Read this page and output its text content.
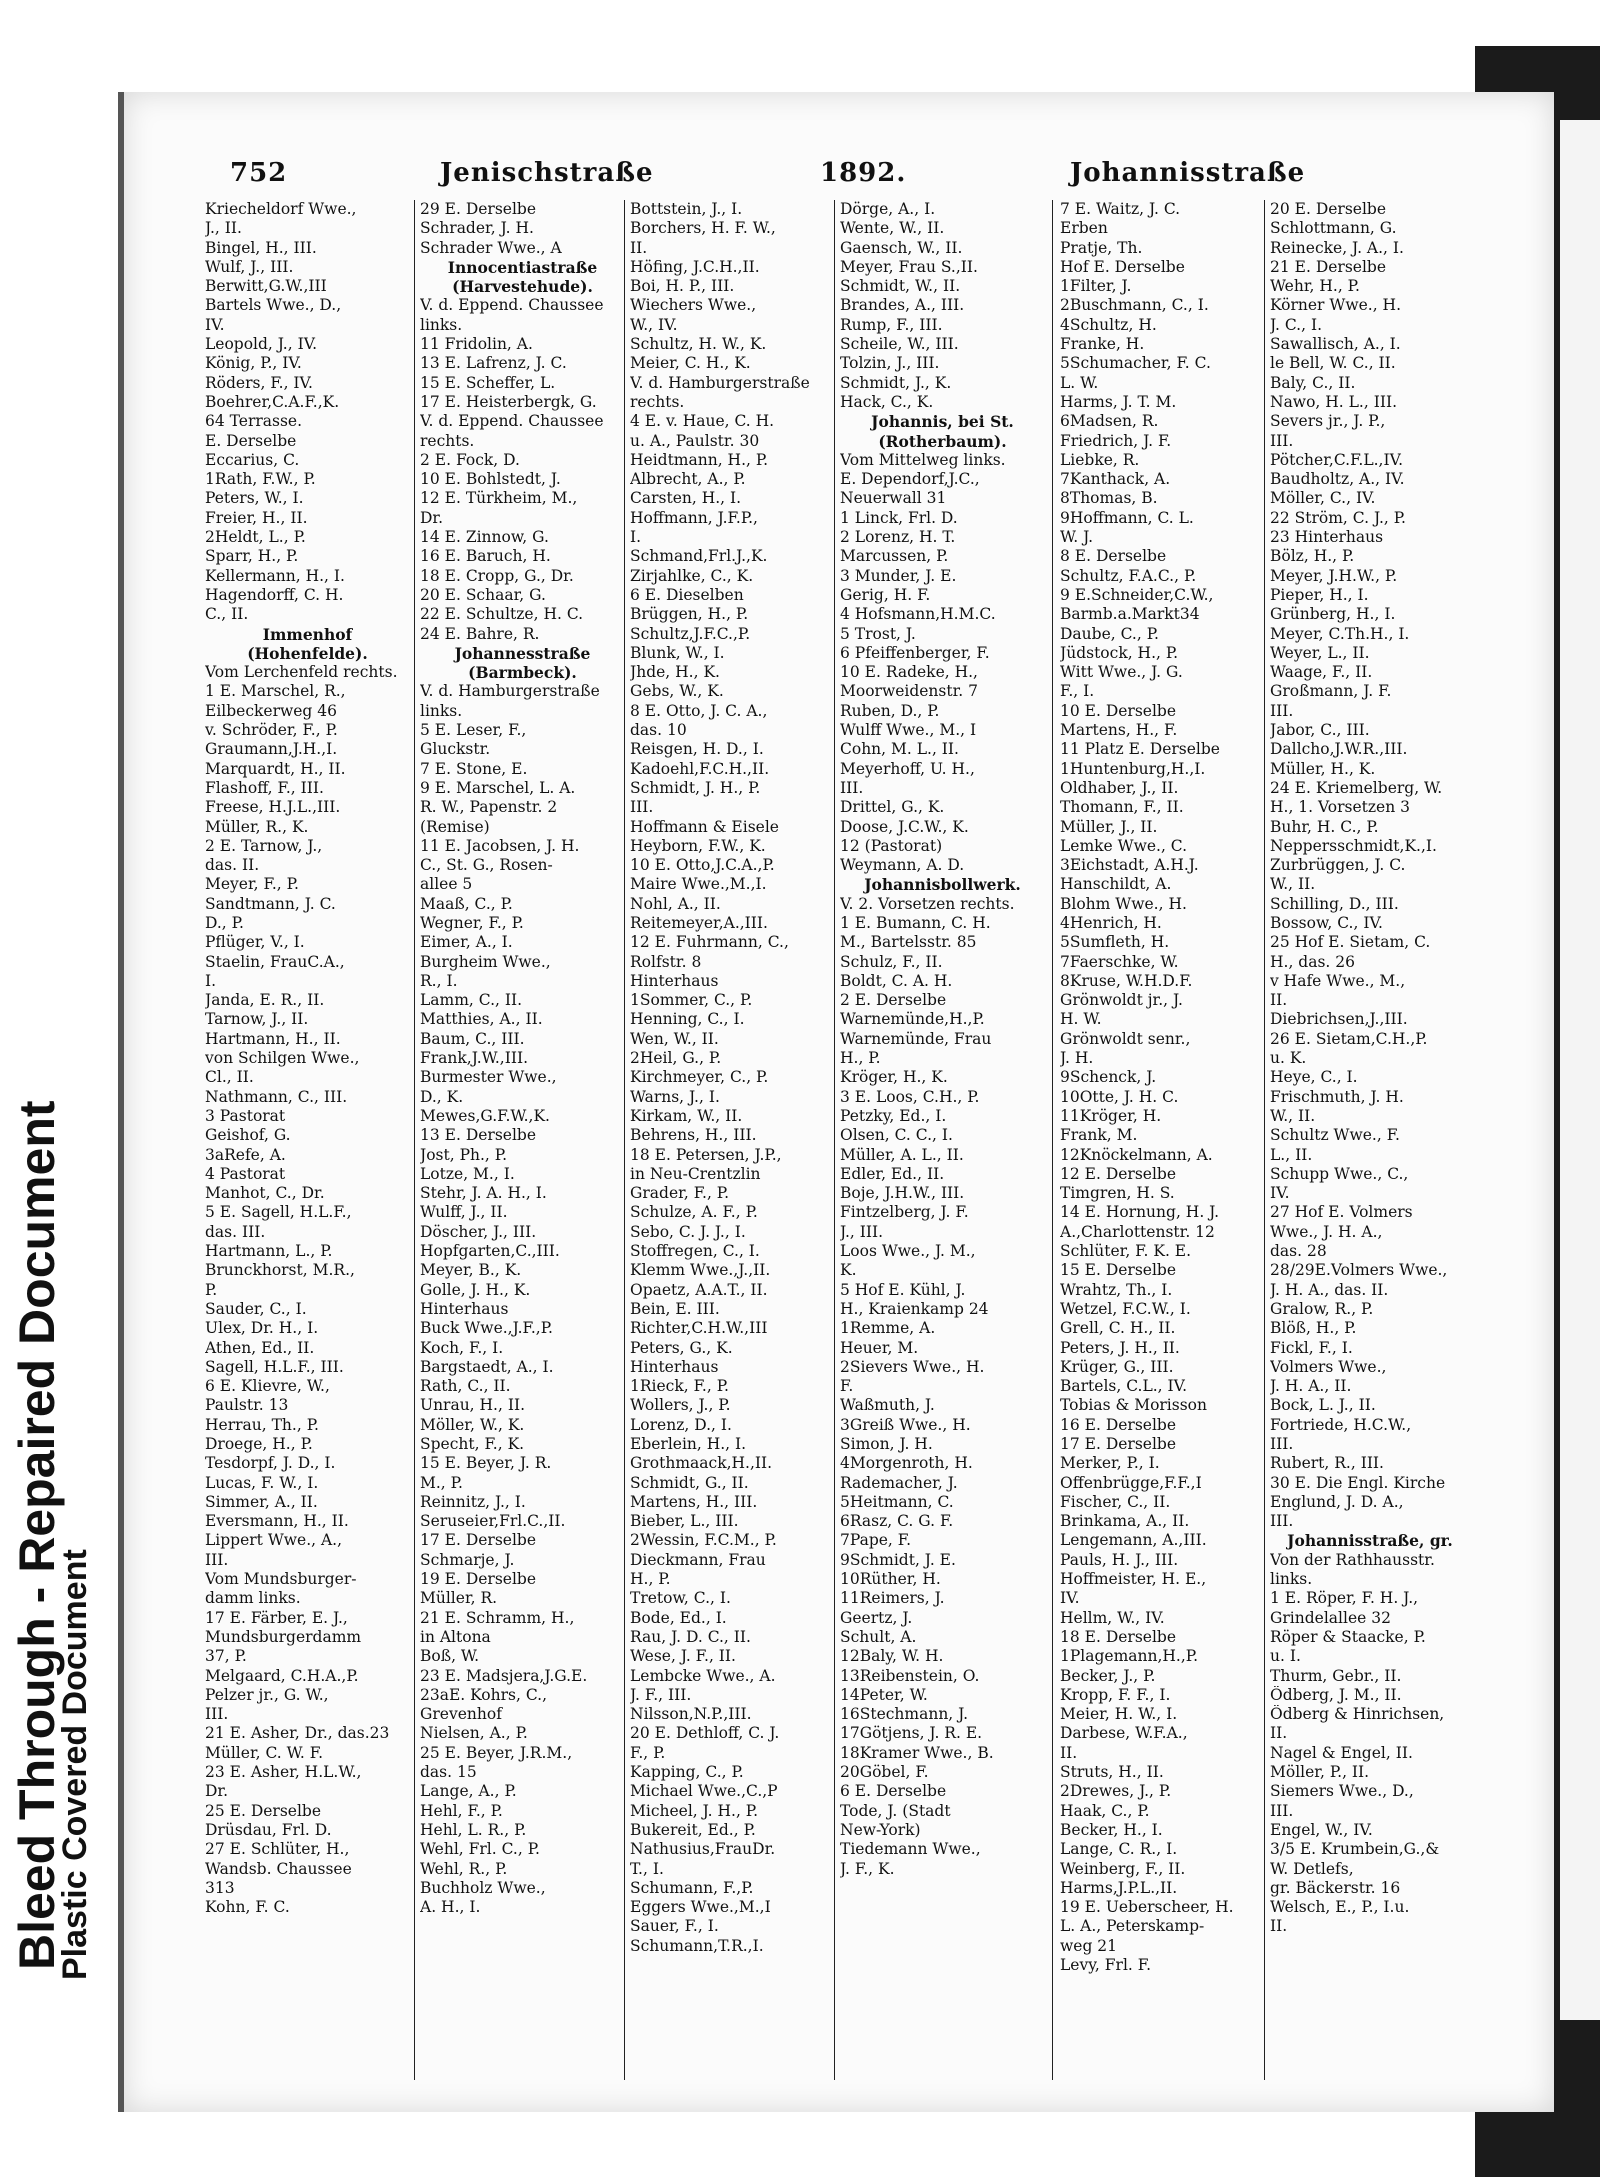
Bleed Through - Repaired Document
Plastic Covered Document
752	Jenischstraße	1892.	Johannisstraße
Kriecheldorf Wwe.,
J., II.
Bingel, H., III.
Wulf, J., III.
Berwitt,G.W.,III
Bartels Wwe., D.,
IV.
Leopold, J., IV.
König, P., IV.
Röders, F., IV.
Boehrer,C.A.F.,K.
64 Terrasse.
E. Derselbe
Eccarius, C.
1Rath, F.W., P.
Peters, W., I.
Freier, H., II.
2Heldt, L., P.
Sparr, H., P.
Kellermann, H., I.
Hagendorff, C. H.
C., II.
Immenhof
(Hohenfelde).
Vom Lerchenfeld rechts.
1 E. Marschel, R.,
Eilbeckerweg 46
v. Schröder, F., P.
Graumann,J.H.,I.
Marquardt, H., II.
Flashoff, F., III.
Freese, H.J.L.,III.
Müller, R., K.
2 E. Tarnow, J.,
das. II.
Meyer, F., P.
Sandtmann, J. C.
D., P.
Pflüger, V., I.
Staelin, FrauC.A.,
I.
Janda, E. R., II.
Tarnow, J., II.
Hartmann, H., II.
von Schilgen Wwe.,
Cl., II.
Nathmann, C., III.
3 Pastorat
Geishof, G.
3aRefe, A.
4 Pastorat
Manhot, C., Dr.
5 E. Sagell, H.L.F.,
das. III.
Hartmann, L., P.
Brunckhorst, M.R.,
P.
Sauder, C., I.
Ulex, Dr. H., I.
Athen, Ed., II.
Sagell, H.L.F., III.
6 E. Klievre, W.,
Paulstr. 13
Herrau, Th., P.
Droege, H., P.
Tesdorpf, J. D., I.
Lucas, F. W., I.
Simmer, A., II.
Eversmann, H., II.
Lippert Wwe., A.,
III.
Vom Mundsburger-
damm links.
17 E. Färber, E. J.,
Mundsburgerdamm
37, P.
Melgaard, C.H.A.,P.
Pelzer jr., G. W.,
III.
21 E. Asher, Dr., das.23
Müller, C. W. F.
23 E. Asher, H.L.W.,
Dr.
25 E. Derselbe
Drüsdau, Frl. D.
27 E. Schlüter, H.,
Wandsb. Chaussee
313
Kohn, F. C.
29 E. Derselbe
Schrader, J. H.
Schrader Wwe., A
Innocentiastraße
(Harvestehude).
V. d. Eppend. Chaussee
links.
11 Fridolin, A.
13 E. Lafrenz, J. C.
15 E. Scheffer, L.
17 E. Heisterbergk, G.
V. d. Eppend. Chaussee
rechts.
2 E. Fock, D.
10 E. Bohlstedt, J.
12 E. Türkheim, M.,
Dr.
14 E. Zinnow, G.
16 E. Baruch, H.
18 E. Cropp, G., Dr.
20 E. Schaar, G.
22 E. Schultze, H. C.
24 E. Bahre, R.
Johannesstraße
(Barmbeck).
V. d. Hamburgerstraße
links.
5 E. Leser, F.,
Gluckstr.
7 E. Stone, E.
9 E. Marschel, L. A.
R. W., Papenstr. 2
(Remise)
11 E. Jacobsen, J. H.
C., St. G., Rosen-
allee 5
Maaß, C., P.
Wegner, F., P.
Eimer, A., I.
Burgheim Wwe.,
R., I.
Lamm, C., II.
Matthies, A., II.
Baum, C., III.
Frank,J.W.,III.
Burmester Wwe.,
D., K.
Mewes,G.F.W.,K.
13 E. Derselbe
Jost, Ph., P.
Lotze, M., I.
Stehr, J. A. H., I.
Wulff, J., II.
Döscher, J., III.
Hopfgarten,C.,III.
Meyer, B., K.
Golle, J. H., K.
Hinterhaus
Buck Wwe.,J.F.,P.
Koch, F., I.
Bargstaedt, A., I.
Rath, C., II.
Unrau, H., II.
Möller, W., K.
Specht, F., K.
15 E. Beyer, J. R.
M., P.
Reinnitz, J., I.
Seruseier,Frl.C.,II.
17 E. Derselbe
Schmarje, J.
19 E. Derselbe
Müller, R.
21 E. Schramm, H.,
in Altona
Boß, W.
23 E. Madsjera,J.G.E.
23aE. Kohrs, C.,
Grevenhof
Nielsen, A., P.
25 E. Beyer, J.R.M.,
das. 15
Lange, A., P.
Hehl, F., P.
Hehl, L. R., P.
Wehl, Frl. C., P.
Wehl, R., P.
Buchholz Wwe.,
A. H., I.
Bottstein, J., I.
Borchers, H. F. W.,
II.
Höfing, J.C.H.,II.
Boi, H. P., III.
Wiechers Wwe.,
W., IV.
Schultz, H. W., K.
Meier, C. H., K.
V. d. Hamburgerstraße
rechts.
4 E. v. Haue, C. H.
u. A., Paulstr. 30
Heidtmann, H., P.
Albrecht, A., P.
Carsten, H., I.
Hoffmann, J.F.P.,
I.
Schmand,Frl.J.,K.
Zirjahlke, C., K.
6 E. Dieselben
Brüggen, H., P.
Schultz,J.F.C.,P.
Blunk, W., I.
Jhde, H., K.
Gebs, W., K.
8 E. Otto, J. C. A.,
das. 10
Reisgen, H. D., I.
Kadoehl,F.C.H.,II.
Schmidt, J. H., P.
III.
Hoffmann & Eisele
Heyborn, F.W., K.
10 E. Otto,J.C.A.,P.
Maire Wwe.,M.,I.
Nohl, A., II.
Reitemeyer,A.,III.
12 E. Fuhrmann, C.,
Rolfstr. 8
Hinterhaus
1Sommer, C., P.
Henning, C., I.
Wen, W., II.
2Heil, G., P.
Kirchmeyer, C., P.
Warns, J., I.
Kirkam, W., II.
Behrens, H., III.
18 E. Petersen, J.P.,
in Neu-Crentzlin
Grader, F., P.
Schulze, A. F., P.
Sebo, C. J. J., I.
Stoffregen, C., I.
Klemm Wwe.,J.,II.
Opaetz, A.A.T., II.
Bein, E. III.
Richter,C.H.W.,III
Peters, G., K.
Hinterhaus
1Rieck, F., P.
Wollers, J., P.
Lorenz, D., I.
Eberlein, H., I.
Grothmaack,H.,II.
Schmidt, G., II.
Martens, H., III.
Bieber, L., III.
2Wessin, F.C.M., P.
Dieckmann, Frau
H., P.
Tretow, C., I.
Bode, Ed., I.
Rau, J. D. C., II.
Wese, J. F., II.
Lembcke Wwe., A.
J. F., III.
Nilsson,N.P.,III.
20 E. Dethloff, C. J.
F., P.
Kapping, C., P.
Michael Wwe.,C.,P
Micheel, J. H., P.
Bukereit, Ed., P.
Nathusius,FrauDr.
T., I.
Schumann, F.,P.
Eggers Wwe.,M.,I
Sauer, F., I.
Schumann,T.R.,I.
Dörge, A., I.
Wente, W., II.
Gaensch, W., II.
Meyer, Frau S.,II.
Schmidt, W., II.
Brandes, A., III.
Rump, F., III.
Scheile, W., III.
Tolzin, J., III.
Schmidt, J., K.
Hack, C., K.
Johannis, bei St.
(Rotherbaum).
Vom Mittelweg links.
E. Dependorf,J.C.,
Neuerwall 31
1 Linck, Frl. D.
2 Lorenz, H. T.
Marcussen, P.
3 Munder, J. E.
Gerig, H. F.
4 Hofsmann,H.M.C.
5 Trost, J.
6 Pfeiffenberger, F.
10 E. Radeke, H.,
Moorweidenstr. 7
Ruben, D., P.
Wulff Wwe., M., I
Cohn, M. L., II.
Meyerhoff, U. H.,
III.
Drittel, G., K.
Doose, J.C.W., K.
12 (Pastorat)
Weymann, A. D.
Johannisbollwerk.
V. 2. Vorsetzen rechts.
1 E. Bumann, C. H.
M., Bartelsstr. 85
Schulz, F., II.
Boldt, C. A. H.
2 E. Derselbe
Warnemünde,H.,P.
Warnemünde, Frau
H., P.
Kröger, H., K.
3 E. Loos, C.H., P.
Petzky, Ed., I.
Olsen, C. C., I.
Müller, A. L., II.
Edler, Ed., II.
Boje, J.H.W., III.
Fintzelberg, J. F.
J., III.
Loos Wwe., J. M.,
K.
5 Hof E. Kühl, J.
H., Kraienkamp 24
1Remme, A.
Heuer, M.
2Sievers Wwe., H.
F.
Waßmuth, J.
3Greiß Wwe., H.
Simon, J. H.
4Morgenroth, H.
Rademacher, J.
5Heitmann, C.
6Rasz, C. G. F.
7Pape, F.
9Schmidt, J. E.
10Rüther, H.
11Reimers, J.
Geertz, J.
Schult, A.
12Baly, W. H.
13Reibenstein, O.
14Peter, W.
16Stechmann, J.
17Götjens, J. R. E.
18Kramer Wwe., B.
20Göbel, F.
6 E. Derselbe
Tode, J. (Stadt
New-York)
Tiedemann Wwe.,
J. F., K.
7 E. Waitz, J. C.
Erben
Pratje, Th.
Hof E. Derselbe
1Filter, J.
2Buschmann, C., I.
4Schultz, H.
Franke, H.
5Schumacher, F. C.
L. W.
Harms, J. T. M.
6Madsen, R.
Friedrich, J. F.
Liebke, R.
7Kanthack, A.
8Thomas, B.
9Hoffmann, C. L.
W. J.
8 E. Derselbe
Schultz, F.A.C., P.
9 E.Schneider,C.W.,
Barmb.a.Markt34
Daube, C., P.
Jüdstock, H., P.
Witt Wwe., J. G.
F., I.
10 E. Derselbe
Martens, H., F.
11 Platz E. Derselbe
1Huntenburg,H.,I.
Oldhaber, J., II.
Thomann, F., II.
Müller, J., II.
Lemke Wwe., C.
3Eichstadt, A.H.J.
Hanschildt, A.
Blohm Wwe., H.
4Henrich, H.
5Sumfleth, H.
7Faerschke, W.
8Kruse, W.H.D.F.
Grönwoldt jr., J.
H. W.
Grönwoldt senr.,
J. H.
9Schenck, J.
10Otte, J. H. C.
11Kröger, H.
Frank, M.
12Knöckelmann, A.
12 E. Derselbe
Timgren, H. S.
14 E. Hornung, H. J.
A.,Charlottenstr. 12
Schlüter, F. K. E.
15 E. Derselbe
Wrahtz, Th., I.
Wetzel, F.C.W., I.
Grell, C. H., II.
Peters, J. H., II.
Krüger, G., III.
Bartels, C.L., IV.
Tobias & Morisson
16 E. Derselbe
17 E. Derselbe
Merker, P., I.
Offenbrügge,F.F.,I
Fischer, C., II.
Brinkama, A., II.
Lengemann, A.,III.
Pauls, H. J., III.
Hoffmeister, H. E.,
IV.
Hellm, W., IV.
18 E. Derselbe
1Plagemann,H.,P.
Becker, J., P.
Kropp, F. F., I.
Meier, H. W., I.
Darbese, W.F.A.,
II.
Struts, H., II.
2Drewes, J., P.
Haak, C., P.
Becker, H., I.
Lange, C. R., I.
Weinberg, F., II.
Harms,J.P.L.,II.
19 E. Ueberscheer, H.
L. A., Peterskamp-
weg 21
Levy, Frl. F.
20 E. Derselbe
Schlottmann, G.
Reinecke, J. A., I.
21 E. Derselbe
Wehr, H., P.
Körner Wwe., H.
J. C., I.
Sawallisch, A., I.
le Bell, W. C., II.
Baly, C., II.
Nawo, H. L., III.
Severs jr., J. P.,
III.
Pötcher,C.F.L.,IV.
Baudholtz, A., IV.
Möller, C., IV.
22 Ström, C. J., P.
23 Hinterhaus
Bölz, H., P.
Meyer, J.H.W., P.
Pieper, H., I.
Grünberg, H., I.
Meyer, C.Th.H., I.
Weyer, L., II.
Waage, F., II.
Großmann, J. F.
III.
Jabor, C., III.
Dallcho,J.W.R.,III.
Müller, H., K.
24 E. Kriemelberg, W.
H., 1. Vorsetzen 3
Buhr, H. C., P.
Neppersschmidt,K.,I.
Zurbrüggen, J. C.
W., II.
Schilling, D., III.
Bossow, C., IV.
25 Hof E. Sietam, C.
H., das. 26
v Hafe Wwe., M.,
II.
Diebrichsen,J.,III.
26 E. Sietam,C.H.,P.
u. K.
Heye, C., I.
Frischmuth, J. H.
W., II.
Schultz Wwe., F.
L., II.
Schupp Wwe., C.,
IV.
27 Hof E. Volmers
Wwe., J. H. A.,
das. 28
28/29E.Volmers Wwe.,
J. H. A., das. II.
Gralow, R., P.
Blöß, H., P.
Fickl, F., I.
Volmers Wwe.,
J. H. A., II.
Bock, L. J., II.
Fortriede, H.C.W.,
III.
Rubert, R., III.
30 E. Die Engl. Kirche
Englund, J. D. A.,
III.
Johannisstraße, gr.
Von der Rathhausstr.
links.
1 E. Röper, F. H. J.,
Grindelallee 32
Röper & Staacke, P.
u. I.
Thurm, Gebr., II.
Ödberg, J. M., II.
Ödberg & Hinrichsen,
II.
Nagel & Engel, II.
Möller, P., II.
Siemers Wwe., D.,
III.
Engel, W., IV.
3/5 E. Krumbein,G.,&
W. Detlefs,
gr. Bäckerstr. 16
Welsch, E., P., I.u.
II.
